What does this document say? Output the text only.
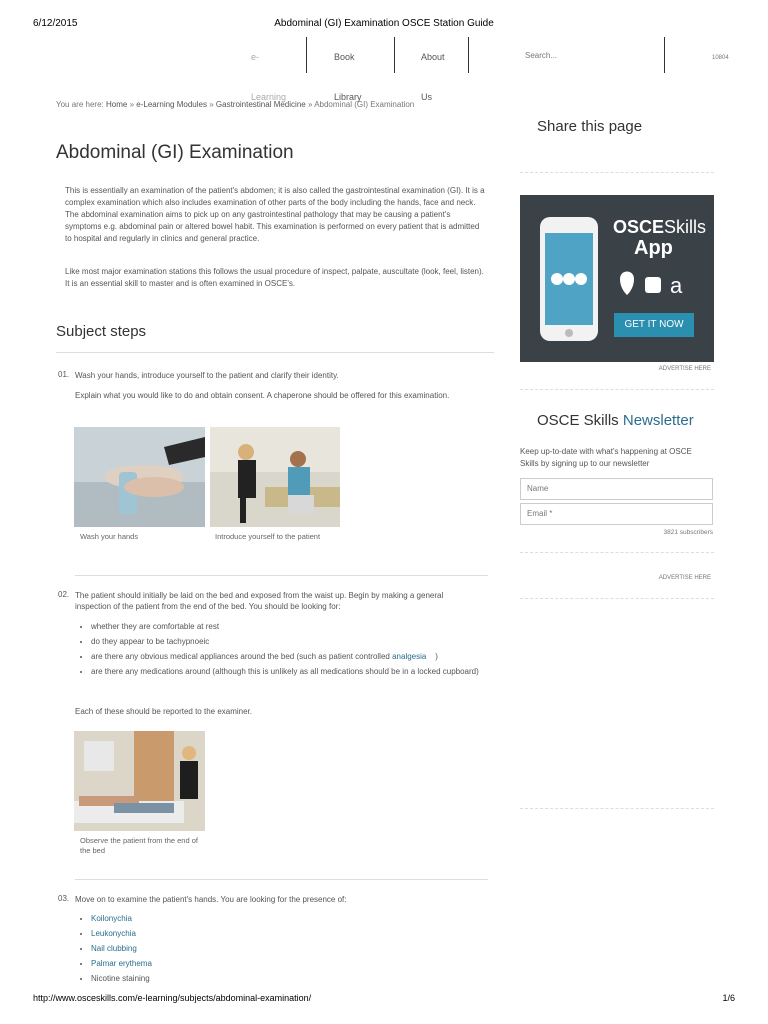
6/12/2015	Abdominal (GI) Examination OSCE Station Guide
e-Learning
Book Library
About Us
Search...	10804
You are here: Home » e-Learning Modules » Gastrointestinal Medicine » Abdominal (GI) Examination
Abdominal (GI) Examination

This is essentially an examination of the patient's abdomen; it is also called the gastrointestinal examination (GI). It is a complex examination which also includes examination of other parts of the body including the hands, face and neck. The abdominal examination aims to pick up on any gastrointestinal pathology that may be causing a patient's symptoms e.g. abdominal pain or altered bowel habit. This examination is performed on every patient that is admitted to hospital and regularly in clinics and general practice.

Like most major examination stations this follows the usual procedure of inspect, palpate, auscultate (look, feel, listen). It is an essential skill to master and is often examined in OSCE's.

Subject steps
01. Wash your hands, introduce yourself to the patient and clarify their identity.

Explain what you would like to do and obtain consent. A chaperone should be offered for this examination.

Wash your hands	Introduce yourself to the patient
02. The patient should initially be laid on the bed and exposed from the waist up. Begin by making a general inspection of the patient from the end of the bed. You should be looking for:

• whether they are comfortable at rest
• do they appear to be tachypnoeic
• are there any obvious medical appliances around the bed (such as patient controlled analgesia )
• are there any medications around (although this is unlikely as all medications should be in a locked cupboard)

Each of these should be reported to the examiner.

Observe the patient from the end of the bed
03. Move on to examine the patient's hands. You are looking for the presence of:

• Koilonychia
• Leukonychia
• Nail clubbing
• Palmar erythema
• Nicotine staining
Share this page
a
OSCESkills
App
GET IT NOW
ADVERTISE HERE
OSCE Skills Newsletter

Keep up-to-date with what's happening at OSCE Skills by signing up to our newsletter

Name
Email *
3821 subscribers
ADVERTISE HERE
http://www.osceskills.com/e-learning/subjects/abdominal-examination/	1/6
